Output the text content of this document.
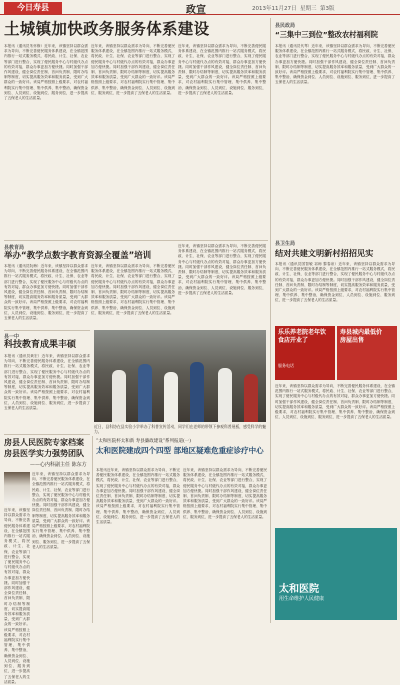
今日寿县	政宣	2013年11月27日 星期三 第3版
土城镇加快政务服务体系建设
本报讯（通讯员朱怀修）近年来，该镇坚持以群众需求为导向，不断完善便民服务体系建设，在全镇范围内推行一站式服务模式，将民政、计生、社保、农业等部门进行整合，实现了便民服务中心与村级代办点的有效对接，群众办事更加方便快捷。同时加强干部作风建设，健全岗位责任制、首问负责制、限时办结制等制度，切实提高服务效率和服务质量，受到广大群众的一致好评。该局严格按照上级要求，对农村福利院实行集中管理、集中供养、集中整治，确保资金到位、人员到位、设施到位、服务到位，进一步提高了五保老人的生活质量。
近年来，该镇坚持以群众需求为导向，不断完善便民服务体系建设，在全镇范围内推行一站式服务模式，将民政、计生、社保、农业等部门进行整合，实现了便民服务中心与村级代办点的有效对接，群众办事更加方便快捷。同时加强干部作风建设，健全岗位责任制、首问负责制、限时办结制等制度，切实提高服务效率和服务质量，受到广大群众的一致好评。该局严格按照上级要求，对农村福利院实行集中管理、集中供养、集中整治，确保资金到位、人员到位、设施到位、服务到位，进一步提高了五保老人的生活质量。
近年来，该镇坚持以群众需求为导向，不断完善便民服务体系建设，在全镇范围内推行一站式服务模式，将民政、计生、社保、农业等部门进行整合，实现了便民服务中心与村级代办点的有效对接，群众办事更加方便快捷。同时加强干部作风建设，健全岗位责任制、首问负责制、限时办结制等制度，切实提高服务效率和服务质量，受到广大群众的一致好评。该局严格按照上级要求，对农村福利院实行集中管理、集中供养、集中整治，确保资金到位、人员到位、设施到位、服务到位，进一步提高了五保老人的生活质量。
县民政局
“三集中三到位”整改农村福利院
本报讯（通讯员代琴）近年来，该镇坚持以群众需求为导向，不断完善便民服务体系建设，在全镇范围内推行一站式服务模式，将民政、计生、社保、农业等部门进行整合，实现了便民服务中心与村级代办点的有效对接，群众办事更加方便快捷。同时加强干部作风建设，健全岗位责任制、首问负责制、限时办结制等制度，切实提高服务效率和服务质量，受到广大群众的一致好评。该局严格按照上级要求，对农村福利院实行集中管理、集中供养、集中整治，确保资金到位、人员到位、设施到位、服务到位，进一步提高了五保老人的生活质量。
县教育局
举办“教学点数字教育资源全覆盖”培训
本报讯（通讯员阮梅）近年来，该镇坚持以群众需求为导向，不断完善便民服务体系建设，在全镇范围内推行一站式服务模式，将民政、计生、社保、农业等部门进行整合，实现了便民服务中心与村级代办点的有效对接，群众办事更加方便快捷。同时加强干部作风建设，健全岗位责任制、首问负责制、限时办结制等制度，切实提高服务效率和服务质量，受到广大群众的一致好评。该局严格按照上级要求，对农村福利院实行集中管理、集中供养、集中整治，确保资金到位、人员到位、设施到位、服务到位，进一步提高了五保老人的生活质量。
近年来，该镇坚持以群众需求为导向，不断完善便民服务体系建设，在全镇范围内推行一站式服务模式，将民政、计生、社保、农业等部门进行整合，实现了便民服务中心与村级代办点的有效对接，群众办事更加方便快捷。同时加强干部作风建设，健全岗位责任制、首问负责制、限时办结制等制度，切实提高服务效率和服务质量，受到广大群众的一致好评。该局严格按照上级要求，对农村福利院实行集中管理、集中供养、集中整治，确保资金到位、人员到位、设施到位、服务到位，进一步提高了五保老人的生活质量。
近年来，该镇坚持以群众需求为导向，不断完善便民服务体系建设，在全镇范围内推行一站式服务模式，将民政、计生、社保、农业等部门进行整合，实现了便民服务中心与村级代办点的有效对接，群众办事更加方便快捷。同时加强干部作风建设，健全岗位责任制、首问负责制、限时办结制等制度，切实提高服务效率和服务质量，受到广大群众的一致好评。该局严格按照上级要求，对农村福利院实行集中管理、集中供养、集中整治，确保资金到位、人员到位、设施到位、服务到位，进一步提高了五保老人的生活质量。
县卫生局
结对共建文明新村招招见实
本报讯（通讯员国智敏 祁师 黎春泉）近年来，该镇坚持以群众需求为导向，不断完善便民服务体系建设，在全镇范围内推行一站式服务模式，将民政、计生、社保、农业等部门进行整合，实现了便民服务中心与村级代办点的有效对接，群众办事更加方便快捷。同时加强干部作风建设，健全岗位责任制、首问负责制、限时办结制等制度，切实提高服务效率和服务质量，受到广大群众的一致好评。该局严格按照上级要求，对农村福利院实行集中管理、集中供养、集中整治，确保资金到位、人员到位、设施到位、服务到位，进一步提高了五保老人的生活质量。
县一中
科技教育成果丰硕
本报讯（通讯员黄宏）近年来，该镇坚持以群众需求为导向，不断完善便民服务体系建设，在全镇范围内推行一站式服务模式，将民政、计生、社保、农业等部门进行整合，实现了便民服务中心与村级代办点的有效对接，群众办事更加方便快捷。同时加强干部作风建设，健全岗位责任制、首问负责制、限时办结制等制度，切实提高服务效率和服务质量，受到广大群众的一致好评。该局严格按照上级要求，对农村福利院实行集中管理、集中供养、集中整治，确保资金到位、人员到位、设施到位、服务到位，进一步提高了五保老人的生活质量。
近日，县科协在县实验小学举办了科普宣传活动，同学们在老师的带领下参观科普展板，感受科学的魅力。
乐乐养老院老年饮
食店开业了
服务电话
寿县城内最低价
房屋出售
房县人民医院专家档案
房县医学实力强势团队
——心内科副主任 陈东方
近年来，该镇坚持以群众需求为导向，不断完善便民服务体系建设，在全镇范围内推行一站式服务模式，将民政、计生、社保、农业等部门进行整合，实现了便民服务中心与村级代办点的有效对接，群众办事更加方便快捷。同时加强干部作风建设，健全岗位责任制、首问负责制、限时办结制等制度，切实提高服务效率和服务质量，受到广大群众的一致好评。该局严格按照上级要求，对农村福利院实行集中管理、集中供养、集中整治，确保资金到位、人员到位、设施到位、服务到位，进一步提高了五保老人的生活质量。
近年来，该镇坚持以群众需求为导向，不断完善便民服务体系建设，在全镇范围内推行一站式服务模式，将民政、计生、社保、农业等部门进行整合，实现了便民服务中心与村级代办点的有效对接，群众办事更加方便快捷。同时加强干部作风建设，健全岗位责任制、首问负责制、限时办结制等制度，切实提高服务效率和服务质量，受到广大群众的一致好评。该局严格按照上级要求，对农村福利院实行集中管理、集中供养、集中整治，确保资金到位、人员到位、设施到位、服务到位，进一步提高了五保老人的生活质量。
“太和医院杯太和新 寿县廉政建设”系列报道(一)
太和医院建成四个四型 部地区疑难危重症诊疗中心
本报讯近年来，该镇坚持以群众需求为导向，不断完善便民服务体系建设，在全镇范围内推行一站式服务模式，将民政、计生、社保、农业等部门进行整合，实现了便民服务中心与村级代办点的有效对接，群众办事更加方便快捷。同时加强干部作风建设，健全岗位责任制、首问负责制、限时办结制等制度，切实提高服务效率和服务质量，受到广大群众的一致好评。该局严格按照上级要求，对农村福利院实行集中管理、集中供养、集中整治，确保资金到位、人员到位、设施到位、服务到位，进一步提高了五保老人的生活质量。
近年来，该镇坚持以群众需求为导向，不断完善便民服务体系建设，在全镇范围内推行一站式服务模式，将民政、计生、社保、农业等部门进行整合，实现了便民服务中心与村级代办点的有效对接，群众办事更加方便快捷。同时加强干部作风建设，健全岗位责任制、首问负责制、限时办结制等制度，切实提高服务效率和服务质量，受到广大群众的一致好评。该局严格按照上级要求，对农村福利院实行集中管理、集中供养、集中整治，确保资金到位、人员到位、设施到位、服务到位，进一步提高了五保老人的生活质量。
近年来，该镇坚持以群众需求为导向，不断完善便民服务体系建设，在全镇范围内推行一站式服务模式，将民政、计生、社保、农业等部门进行整合，实现了便民服务中心与村级代办点的有效对接，群众办事更加方便快捷。同时加强干部作风建设，健全岗位责任制、首问负责制、限时办结制等制度，切实提高服务效率和服务质量，受到广大群众的一致好评。该局严格按照上级要求，对农村福利院实行集中管理、集中供养、集中整治，确保资金到位、人员到位、设施到位、服务到位，进一步提高了五保老人的生活质量。
太和医院
用生命维护人民健康
